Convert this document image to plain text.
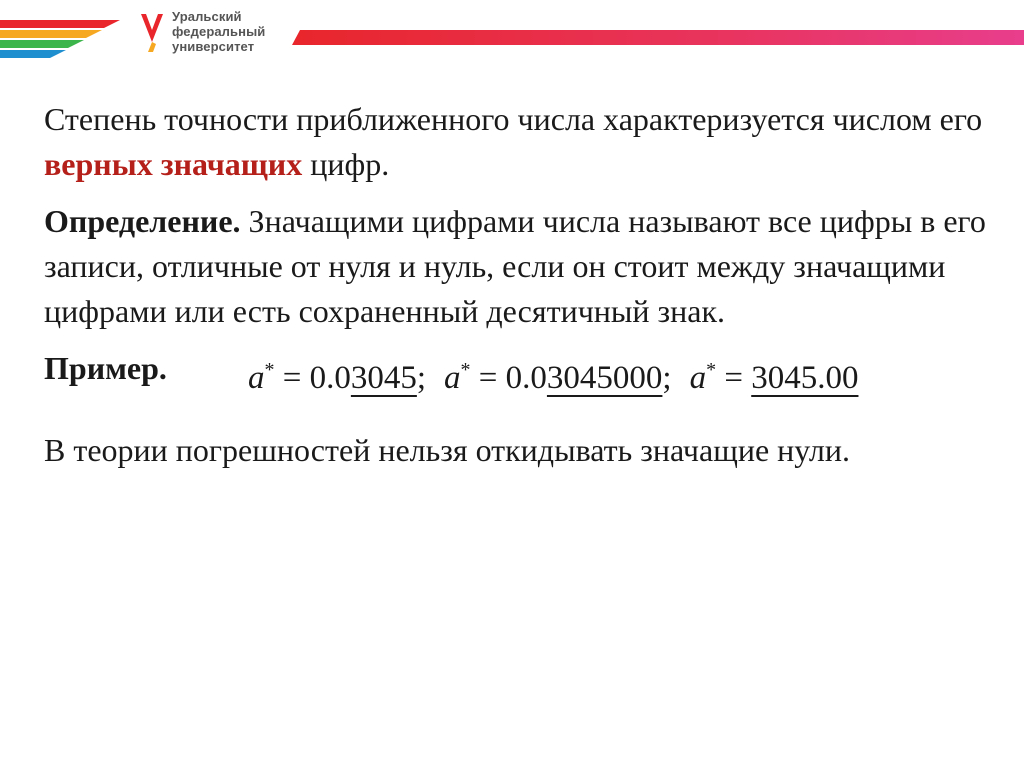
Уральский
федеральный
университет

Степень точности приближенного числа характеризуется числом его верных значащих цифр.

Определение. Значащими цифрами числа называют все цифры в его записи, отличные от нуля и нуль, если он стоит между значащими цифрами или есть сохраненный десятичный знак.

Пример. a* = 0.03045; a* = 0.03045000; a* = 3045.00

В теории погрешностей нельзя откидывать значащие нули.
